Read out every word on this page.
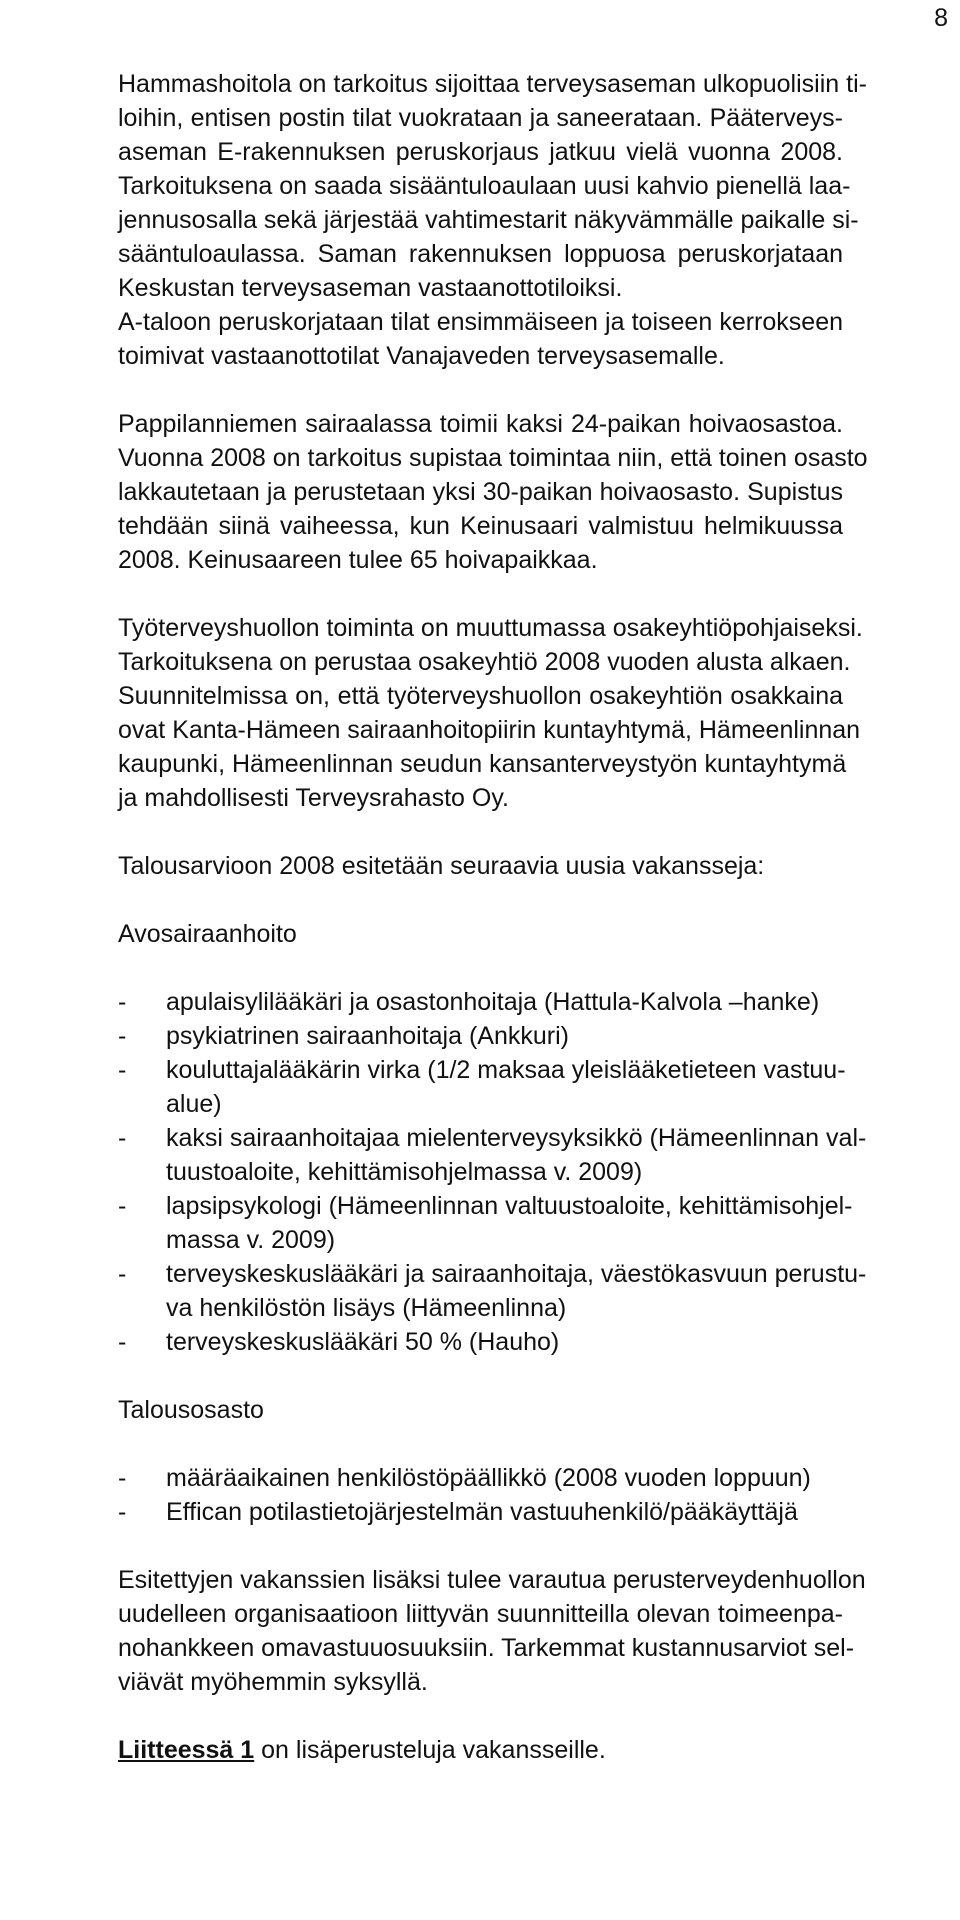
8
Hammashoitola on tarkoitus sijoittaa terveysaseman ulkopuolisiin ti-
loihin, entisen postin tilat vuokrataan ja saneerataan. Pääterveys-
aseman E-rakennuksen peruskorjaus jatkuu vielä vuonna 2008.
Tarkoituksena on saada sisääntuloaulaan uusi kahvio pienellä laa-
jennusosalla sekä järjestää vahtimestarit näkyvämmälle paikalle si-
sääntuloaulassa. Saman rakennuksen loppuosa peruskorjataan
Keskustan terveysaseman vastaanottotiloiksi.
A-taloon peruskorjataan tilat ensimmäiseen ja toiseen kerrokseen
toimivat vastaanottotilat Vanajaveden terveysasemalle.
Pappilanniemen sairaalassa toimii kaksi 24-paikan hoivaosastoa.
Vuonna 2008 on tarkoitus supistaa toimintaa niin, että toinen osasto
lakkautetaan ja perustetaan yksi 30-paikan hoivaosasto. Supistus
tehdään siinä vaiheessa, kun Keinusaari valmistuu helmikuussa
2008. Keinusaareen tulee 65 hoivapaikkaa.
Työterveyshuollon toiminta on muuttumassa osakeyhtiöpohjaiseksi.
Tarkoituksena on perustaa osakeyhtiö 2008 vuoden alusta alkaen.
Suunnitelmissa on, että työterveyshuollon osakeyhtiön osakkaina
ovat Kanta-Hämeen sairaanhoitopiirin kuntayhtymä, Hämeenlinnan
kaupunki, Hämeenlinnan seudun kansanterveystyön kuntayhtymä
ja mahdollisesti Terveysrahasto Oy.
Talousarvioon 2008 esitetään seuraavia uusia vakansseja:
Avosairaanhoito
- apulaisylilääkäri ja osastonhoitaja (Hattula-Kalvola –hanke)
- psykiatrinen sairaanhoitaja (Ankkuri)
- kouluttajalääkärin virka (1/2 maksaa yleislääketieteen vastuu-
alue)
- kaksi sairaanhoitajaa mielenterveysyksikkö (Hämeenlinnan val-
tuustoaloite, kehittämisohjelmassa v. 2009)
- lapsipsykologi (Hämeenlinnan valtuustoaloite, kehittämisohjel-
massa v. 2009)
- terveyskeskuslääkäri ja sairaanhoitaja, väestökasvuun perustu-
va henkilöstön lisäys (Hämeenlinna)
- terveyskeskuslääkäri 50 % (Hauho)
Talousosasto
- määräaikainen henkilöstöpäällikkö (2008 vuoden loppuun)
- Effican potilastietojärjestelmän vastuuhenkilö/pääkäyttäjä
Esitettyjen vakanssien lisäksi tulee varautua perusterveydenhuollon
uudelleen organisaatioon liittyvän suunnitteilla olevan toimeenpa-
nohankkeen omavastuuosuuksiin. Tarkemmat kustannusarviot sel-
viävät myöhemmin syksyllä.
Liitteessä 1 on lisäperusteluja vakansseille.
